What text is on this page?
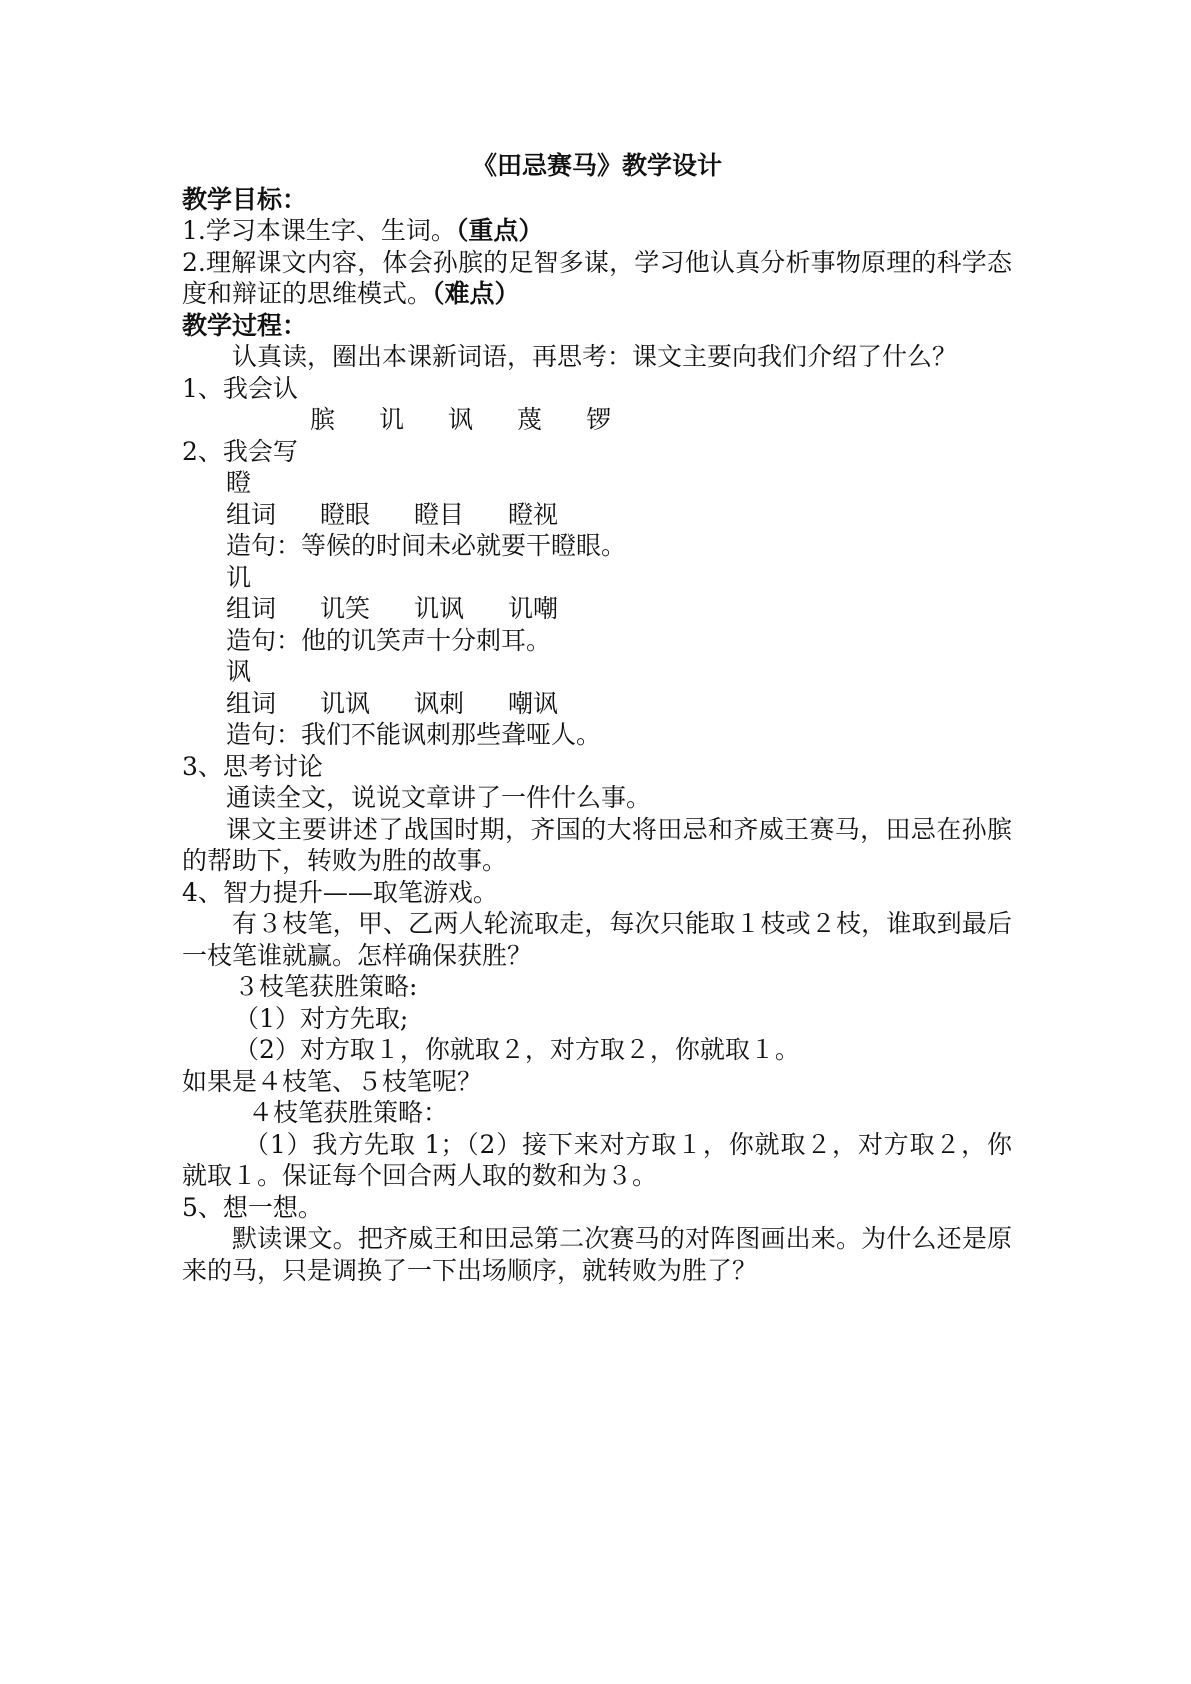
《田忌赛马》教学设计
教学目标：
1.学习本课生字、生词。（重点）
2.理解课文内容，体会孙膑的足智多谋，学习他认真分析事物原理的科学态度和辩证的思维模式。（难点）
教学过程：
认真读，圈出本课新词语，再思考：课文主要向我们介绍了什么？
1、我会认
膑 讥 讽 蔑 锣
2、我会写
瞪
组词 瞪眼 瞪目 瞪视
造句：等候的时间未必就要干瞪眼。
讥
组词 讥笑 讥讽 讥嘲
造句：他的讥笑声十分刺耳。
讽
组词 讥讽 讽刺 嘲讽
造句：我们不能讽刺那些聋哑人。
3、思考讨论
通读全文，说说文章讲了一件什么事。
课文主要讲述了战国时期，齐国的大将田忌和齐威王赛马，田忌在孙膑的帮助下，转败为胜的故事。
4、智力提升——取笔游戏。
有３枝笔，甲、乙两人轮流取走，每次只能取１枝或２枝，谁取到最后一枝笔谁就赢。怎样确保获胜？
３枝笔获胜策略:
（1）对方先取;
（2）对方取１，你就取２，对方取２，你就取１。
如果是４枝笔、５枝笔呢？
４枝笔获胜策略：
（1）我方先取 1；（2）接下来对方取１，你就取２，对方取２，你就取１。保证每个回合两人取的数和为３。
5、想一想。
默读课文。把齐威王和田忌第二次赛马的对阵图画出来。为什么还是原来的马，只是调换了一下出场顺序，就转败为胜了？
